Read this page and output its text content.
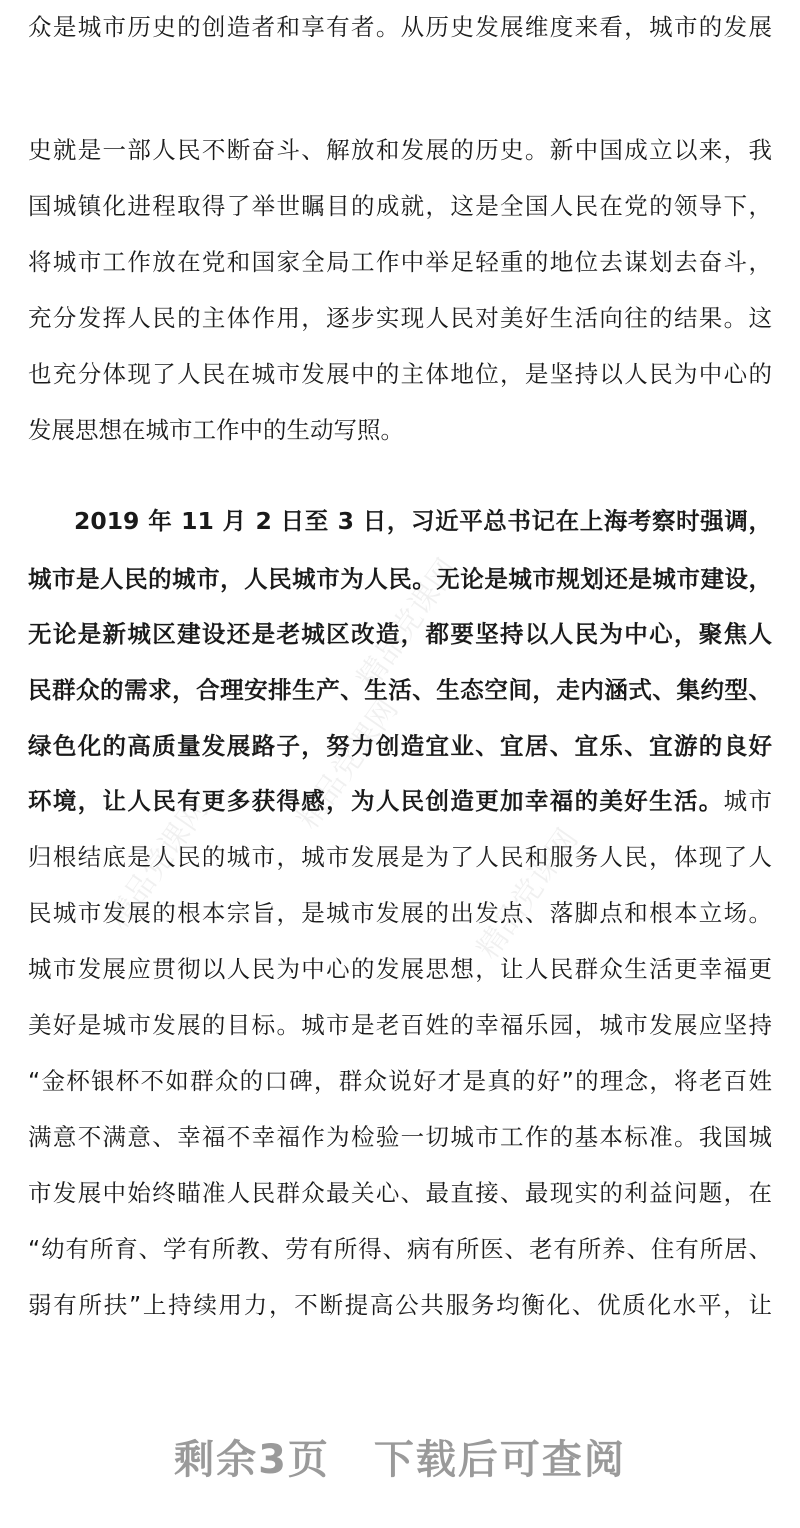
精品党课网
精品党课网	精品党课网
精品党课网
众是城市历史的创造者和享有者。从历史发展维度来看，城市的发展
史就是一部人民不断奋斗、解放和发展的历史。新中国成立以来，我
国城镇化进程取得了举世瞩目的成就，这是全国人民在党的领导下，
将城市工作放在党和国家全局工作中举足轻重的地位去谋划去奋斗，
充分发挥人民的主体作用，逐步实现人民对美好生活向往的结果。这
也充分体现了人民在城市发展中的主体地位，是坚持以人民为中心的
发展思想在城市工作中的生动写照。
2019 年 11 月 2 日至 3 日，习近平总书记在上海考察时强调，
城市是人民的城市，人民城市为人民。无论是城市规划还是城市建设，
无论是新城区建设还是老城区改造，都要坚持以人民为中心，聚焦人
民群众的需求，合理安排生产、生活、生态空间，走内涵式、集约型、
绿色化的高质量发展路子，努力创造宜业、宜居、宜乐、宜游的良好
环境，让人民有更多获得感，为人民创造更加幸福的美好生活。城市
归根结底是人民的城市，城市发展是为了人民和服务人民，体现了人
民城市发展的根本宗旨，是城市发展的出发点、落脚点和根本立场。
城市发展应贯彻以人民为中心的发展思想，让人民群众生活更幸福更
美好是城市发展的目标。城市是老百姓的幸福乐园，城市发展应坚持
“金杯银杯不如群众的口碑，群众说好才是真的好”的理念，将老百姓
满意不满意、幸福不幸福作为检验一切城市工作的基本标准。我国城
市发展中始终瞄准人民群众最关心、最直接、最现实的利益问题，在
“幼有所育、学有所教、劳有所得、病有所医、老有所养、住有所居、
弱有所扶”上持续用力，不断提高公共服务均衡化、优质化水平，让
剩余3页 下载后可查阅
